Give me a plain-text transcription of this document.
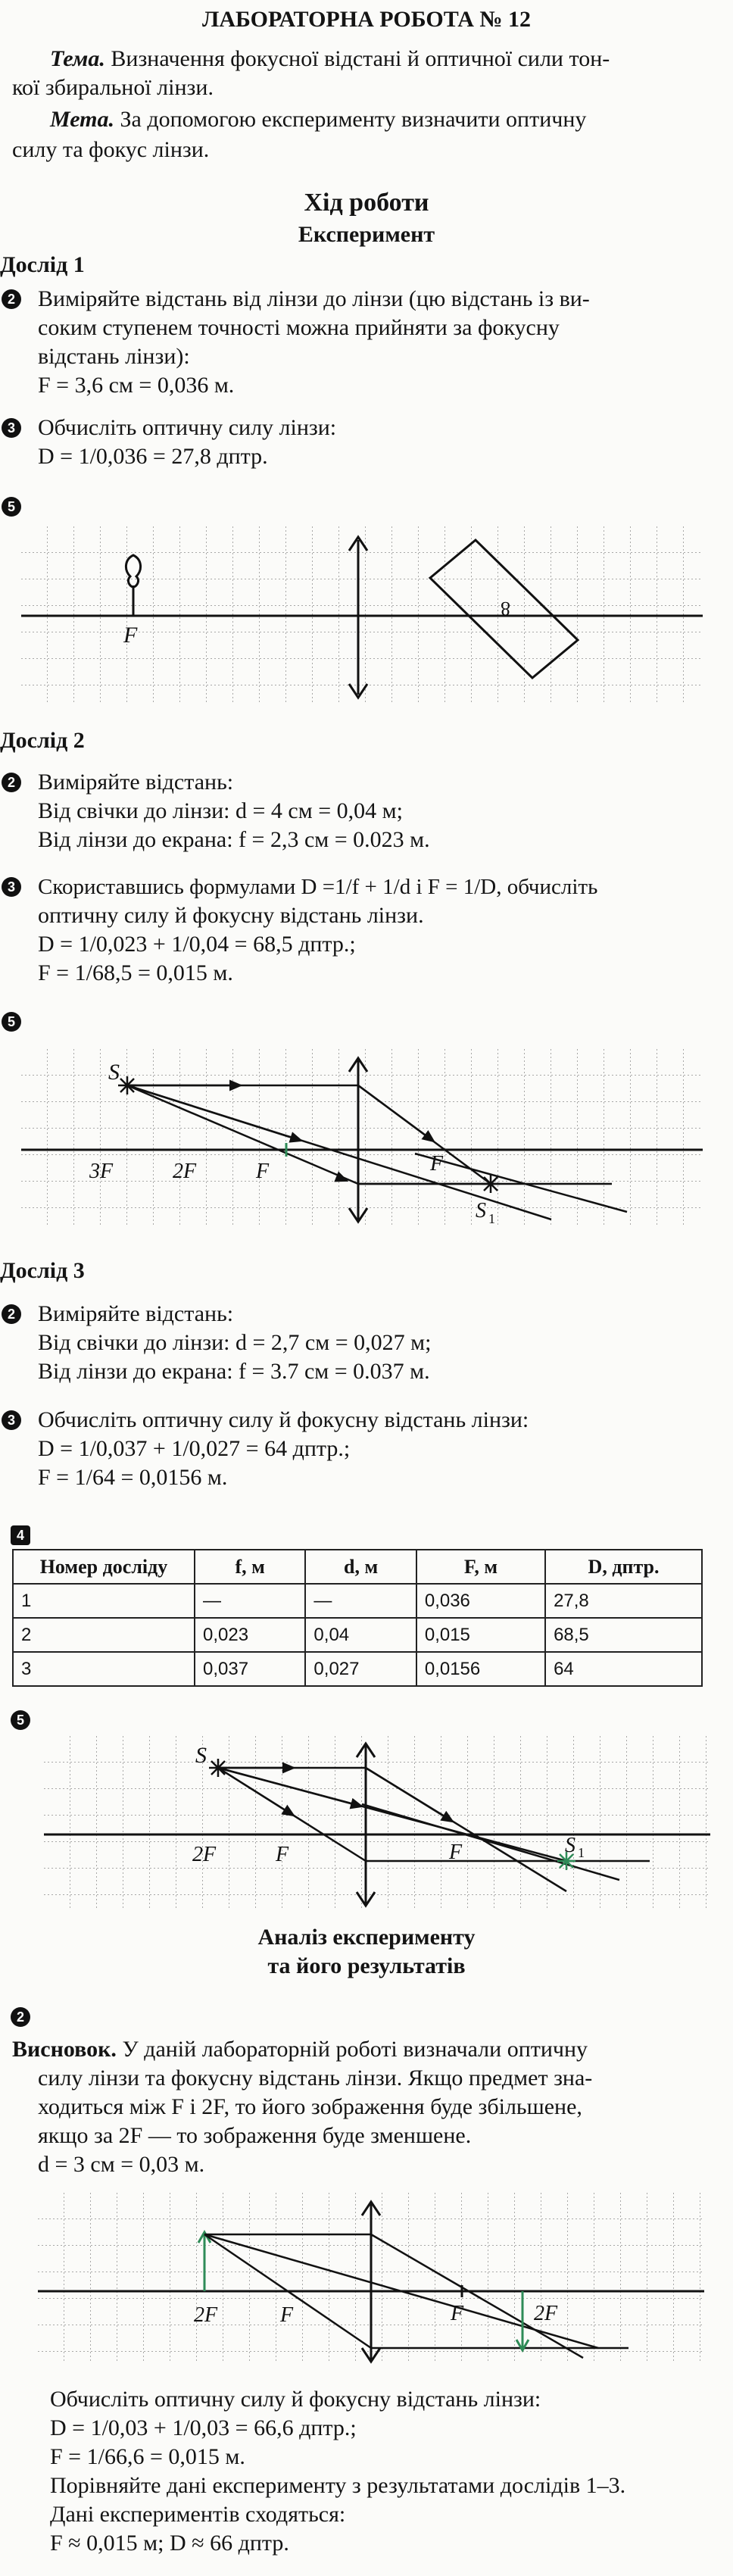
ЛАБОРАТОРНА РОБОТА № 12
Тема. Визначення фокусної відстані й оптичної сили тон-
кої збиральної лінзи.
Мета. За допомогою експерименту визначити оптичну
силу та фокус лінзи.
Хід роботи
Експеримент
Дослід 1
2 Виміряйте відстань від лінзи до лінзи (цю відстань із ви-
соким ступенем точності можна прийняти за фокусну
відстань лінзи):
F = 3,6 см = 0,036 м.
3 Обчисліть оптичну силу лінзи:
D = 1/0,036 = 27,8 дптр.
5
F
8
Дослід 2
2 Виміряйте відстань:
Від свічки до лінзи: d = 4 см = 0,04 м;
Від лінзи до екрана: f = 2,3 см = 0.023 м.
3 Скориставшись формулами D =1/f + 1/d і F = 1/D, обчисліть
оптичну силу й фокусну відстань лінзи.
D = 1/0,023 + 1/0,04 = 68,5 дптр.;
F = 1/68,5 = 0,015 м.
5
S
3F	2F	F	F
S 1
Дослід 3
2 Виміряйте відстань:
Від свічки до лінзи: d = 2,7 см = 0,027 м;
Від лінзи до екрана: f = 3.7 см = 0.037 м.
3 Обчисліть оптичну силу й фокусну відстань лінзи:
D = 1/0,037 + 1/0,027 = 64 дптр.;
F = 1/64 = 0,0156 м.
4
Номер досліду	f, м	d, м	F, м	D, дптр.
1	—	—	0,036	27,8
2	0,023	0,04	0,015	68,5
3	0,037	0,027	0,0156	64
5
S
2F	F	F	S 1
Аналіз експерименту
та його результатів
2
Висновок. У даній лабораторній роботі визначали оптичну
силу лінзи та фокусну відстань лінзи. Якщо предмет зна-
ходиться між F і 2F, то його зображення буде збільшене,
якщо за 2F — то зображення буде зменшене.
d = 3 см = 0,03 м.
2F	F	F	2F
Обчисліть оптичну силу й фокусну відстань лінзи:
D = 1/0,03 + 1/0,03 = 66,6 дптр.;
F = 1/66,6 = 0,015 м.
Порівняйте дані експерименту з результатами дослідів 1–3.
Дані експериментів сходяться:
F ≈ 0,015 м; D ≈ 66 дптр.
